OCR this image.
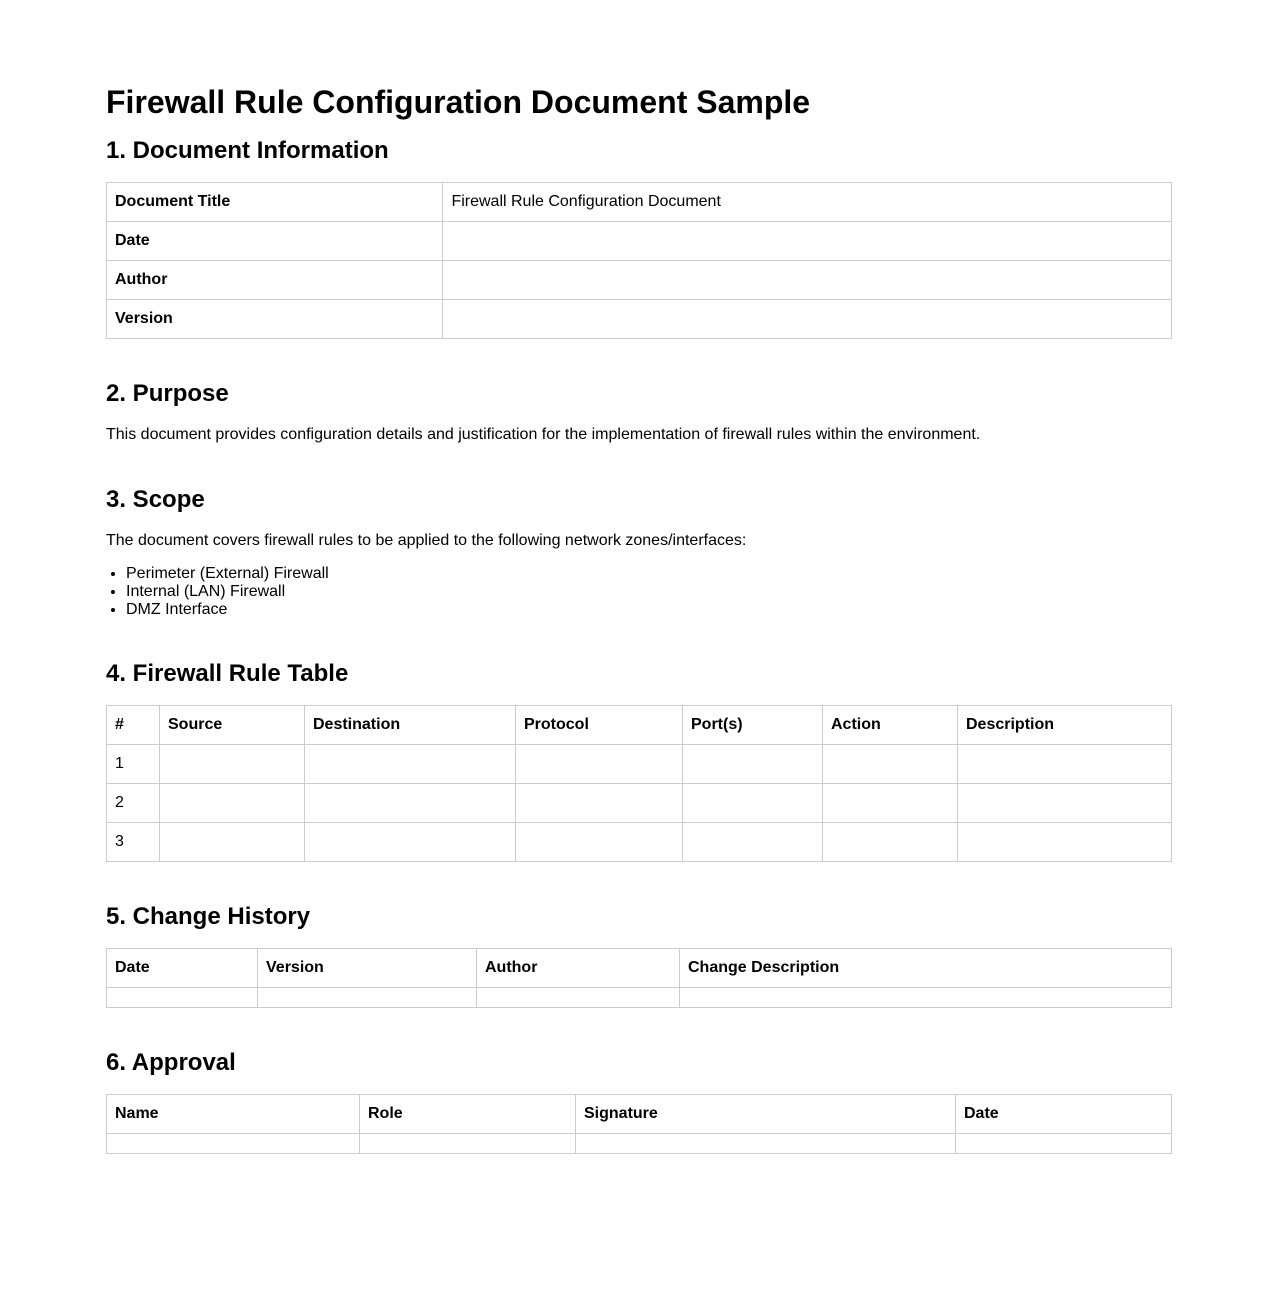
Firewall Rule Configuration Document Sample
1. Document Information
Document Title	Firewall Rule Configuration Document
Date	
Author	
Version	
2. Purpose

This document provides configuration details and justification for the implementation of firewall rules within the environment.

3. Scope

The document covers firewall rules to be applied to the following network zones/interfaces:

• Perimeter (External) Firewall
• Internal (LAN) Firewall
• DMZ Interface
4. Firewall Rule Table
#	Source	Destination	Protocol	Port(s)	Action	Description
1						
2						
3						
5. Change History
Date	Version	Author	Change Description

6. Approval
Name	Role	Signature	Date
